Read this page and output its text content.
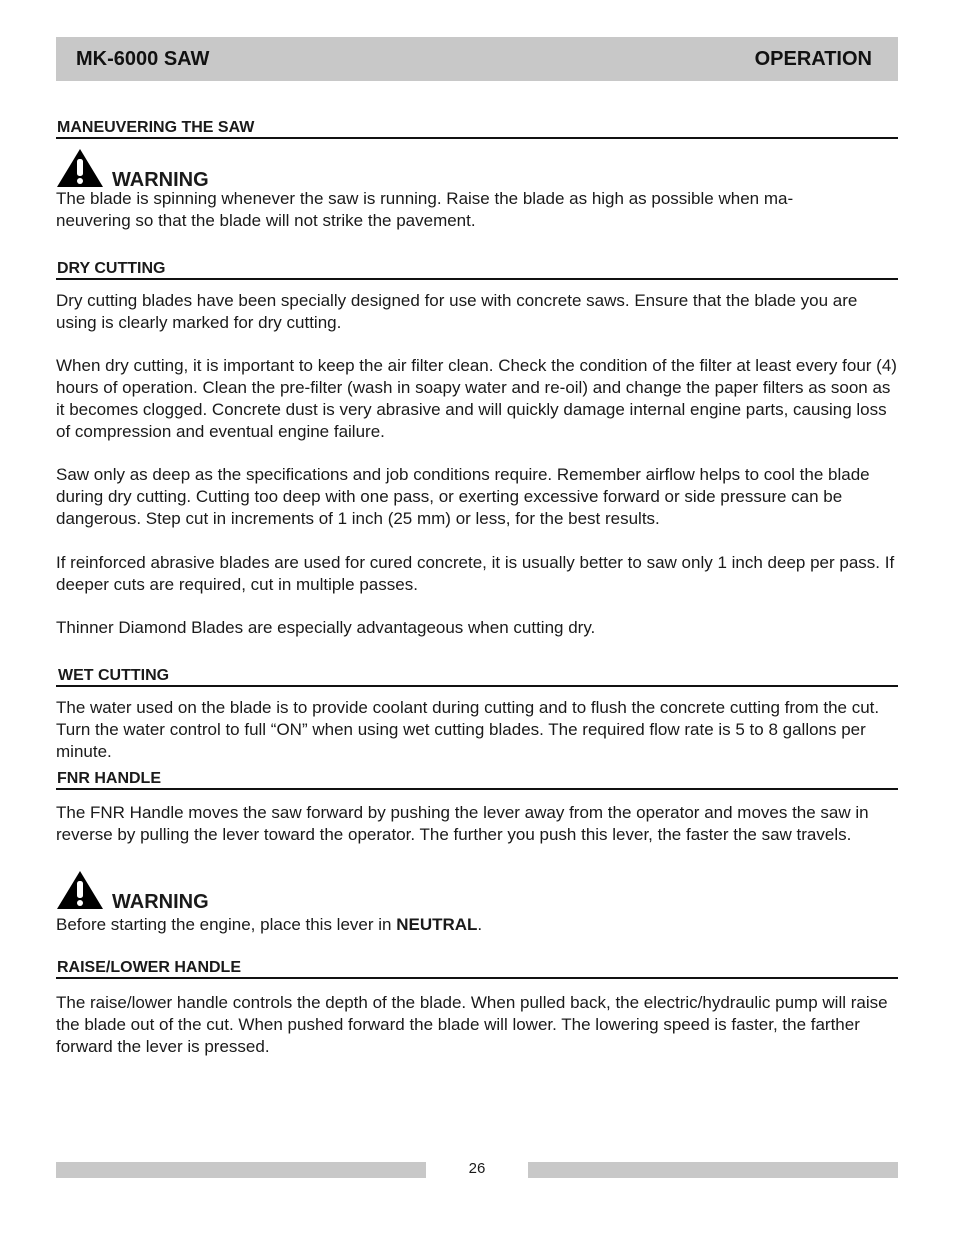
MK-6000 SAW	OPERATION
MANEUVERING THE SAW
WARNING

The blade is spinning whenever the saw is running. Raise the blade as high as possible when ma-
neuvering so that the blade will not strike the pavement.

DRY CUTTING

Dry cutting blades have been specially designed for use with concrete saws. Ensure that the blade you are using is clearly marked for dry cutting.

When dry cutting, it is important to keep the air filter clean. Check the condition of the filter at least every four (4) hours of operation. Clean the pre-filter (wash in soapy water and re-oil) and change the paper filters as soon as it becomes clogged. Concrete dust is very abrasive and will quickly damage internal engine parts, causing loss of compression and eventual engine failure.

Saw only as deep as the specifications and job conditions require. Remember airflow helps to cool the blade during dry cutting. Cutting too deep with one pass, or exerting excessive forward or side pressure can be dangerous. Step cut in increments of 1 inch (25 mm) or less, for the best results.

If reinforced abrasive blades are used for cured concrete, it is usually better to saw only 1 inch deep per pass. If deeper cuts are required, cut in multiple passes.

Thinner Diamond Blades are especially advantageous when cutting dry.

WET CUTTING

The water used on the blade is to provide coolant during cutting and to flush the concrete cutting from the cut. Turn the water control to full “ON” when using wet cutting blades. The required flow rate is 5 to 8 gallons per minute.

FNR HANDLE

The FNR Handle moves the saw forward by pushing the lever away from the operator and moves the saw in reverse by pulling the lever toward the operator. The further you push this lever, the faster the saw travels.

WARNING

Before starting the engine, place this lever in NEUTRAL.

RAISE/LOWER HANDLE

The raise/lower handle controls the depth of the blade. When pulled back, the electric/hydraulic pump will raise the blade out of the cut. When pushed forward the blade will lower. The lowering speed is faster, the farther forward the lever is pressed.

26
